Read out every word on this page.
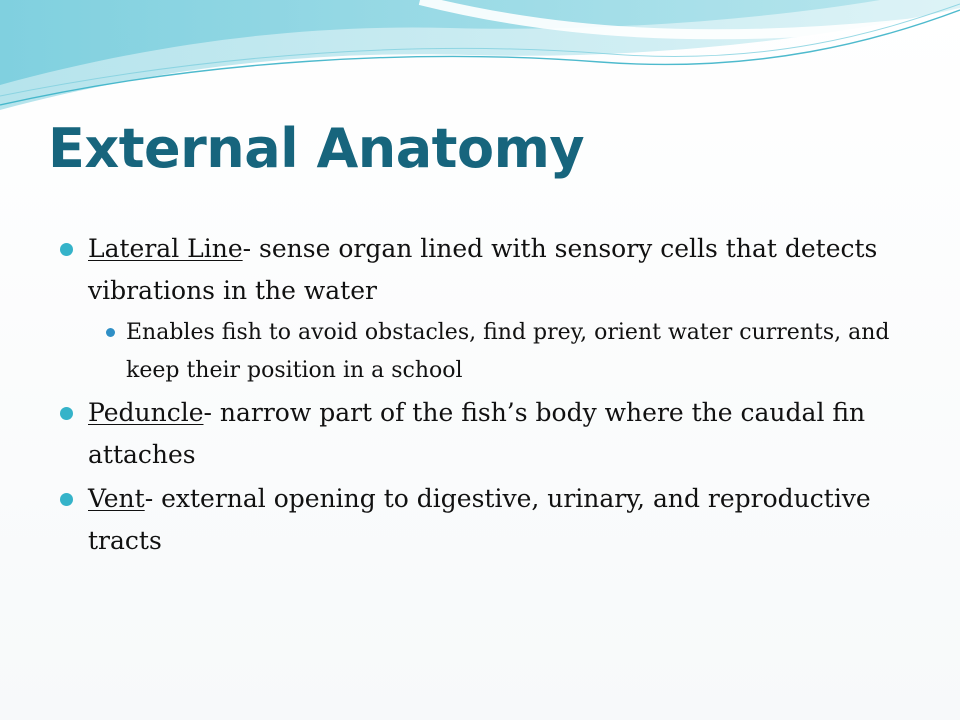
External Anatomy
Lateral Line- sense organ lined with sensory cells that detects vibrations in the water
Enables fish to avoid obstacles, find prey, orient water currents, and keep their position in a school
Peduncle- narrow part of the fish’s body where the caudal fin attaches
Vent- external opening to digestive, urinary, and reproductive tracts
